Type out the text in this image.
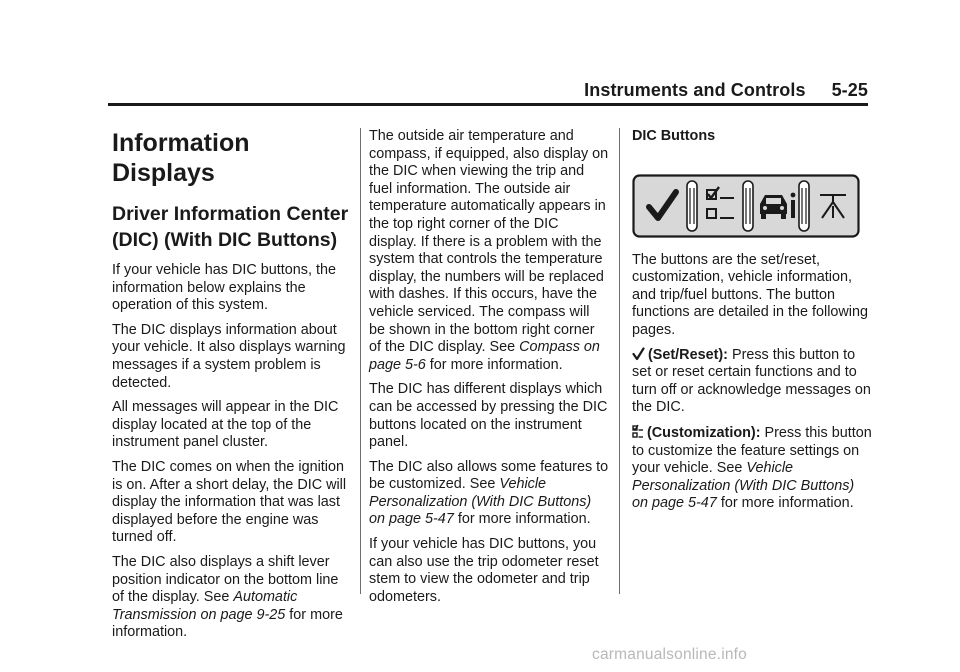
Instruments and Controls 5-25
Information Displays
Driver Information Center (DIC) (With DIC Buttons)

If your vehicle has DIC buttons, the information below explains the operation of this system.

The DIC displays information about your vehicle. It also displays warning messages if a system problem is detected.

All messages will appear in the DIC display located at the top of the instrument panel cluster.

The DIC comes on when the ignition is on. After a short delay, the DIC will display the information that was last displayed before the engine was turned off.

The DIC also displays a shift lever position indicator on the bottom line of the display. See Automatic Transmission on page 9-25 for more information.

The outside air temperature and compass, if equipped, also display on the DIC when viewing the trip and fuel information. The outside air temperature automatically appears in the top right corner of the DIC display. If there is a problem with the system that controls the temperature display, the numbers will be replaced with dashes. If this occurs, have the vehicle serviced. The compass will be shown in the bottom right corner of the DIC display. See Compass on page 5-6 for more information.

The DIC has different displays which can be accessed by pressing the DIC buttons located on the instrument panel.

The DIC also allows some features to be customized. See Vehicle Personalization (With DIC Buttons) on page 5-47 for more information.

If your vehicle has DIC buttons, you can also use the trip odometer reset stem to view the odometer and trip odometers.

DIC Buttons

The buttons are the set/reset, customization, vehicle information, and trip/fuel buttons. The button functions are detailed in the following pages.

(Set/Reset): Press this button to set or reset certain functions and to turn off or acknowledge messages on the DIC.

(Customization): Press this button to customize the feature settings on your vehicle. See Vehicle Personalization (With DIC Buttons) on page 5-47 for more information.

carmanualsonline.info
